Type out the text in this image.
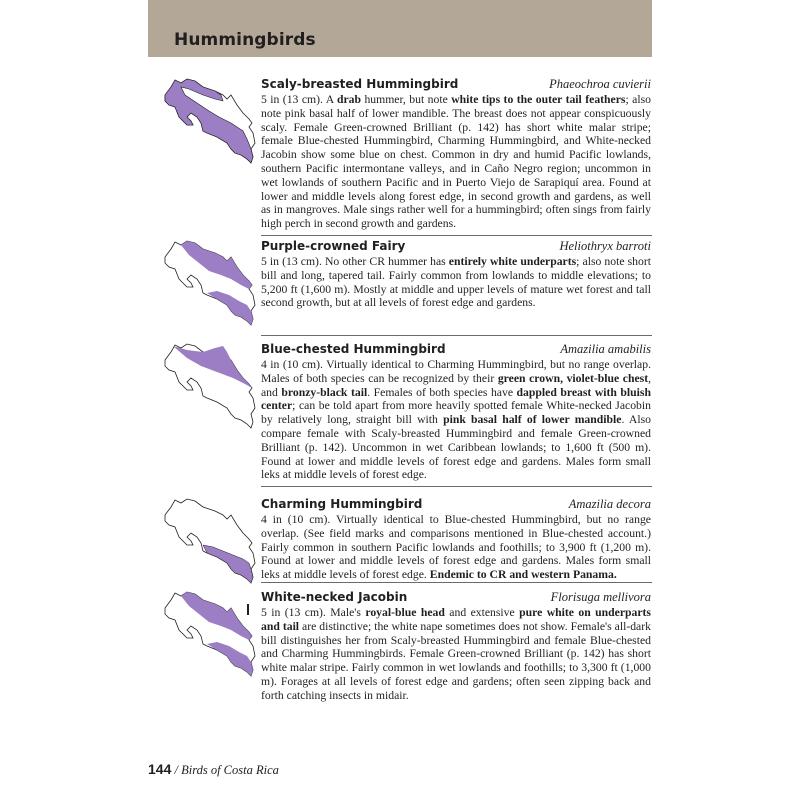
Hummingbirds
Scaly-breasted Hummingbird	Phaeochroa cuvierii
5 in (13 cm). A drab hummer, but note white tips to the outer tail feathers; also note pink basal half of lower mandible. The breast does not appear conspicuously scaly. Female Green-crowned Brilliant (p. 142) has short white malar stripe; female Blue-chested Hummingbird, Charming Hummingbird, and White-necked Jacobin show some blue on chest. Common in dry and humid Pacific lowlands, southern Pacific intermontane valleys, and in Caño Negro region; uncommon in wet lowlands of southern Pacific and in Puerto Viejo de Sarapiquí area. Found at lower and middle levels along forest edge, in second growth and gardens, as well as in mangroves. Male sings rather well for a hummingbird; often sings from fairly high perch in second growth and gardens.
Purple-crowned Fairy	Heliothryx barroti
5 in (13 cm). No other CR hummer has entirely white underparts; also note short bill and long, tapered tail. Fairly common from lowlands to middle elevations; to 5,200 ft (1,600 m). Mostly at middle and upper levels of mature wet forest and tall second growth, but at all levels of forest edge and gardens.
Blue-chested Hummingbird	Amazilia amabilis
4 in (10 cm). Virtually identical to Charming Hummingbird, but no range overlap. Males of both species can be recognized by their green crown, violet-blue chest, and bronzy-black tail. Females of both species have dappled breast with bluish center; can be told apart from more heavily spotted female White-necked Jacobin by relatively long, straight bill with pink basal half of lower mandible. Also compare female with Scaly-breasted Hummingbird and female Green-crowned Brilliant (p. 142). Uncommon in wet Caribbean lowlands; to 1,600 ft (500 m). Found at lower and middle levels of forest edge and gardens. Males form small leks at middle levels of forest edge.
Charming Hummingbird	Amazilia decora
4 in (10 cm). Virtually identical to Blue-chested Hummingbird, but no range overlap. (See field marks and comparisons mentioned in Blue-chested account.) Fairly common in southern Pacific lowlands and foothills; to 3,900 ft (1,200 m). Found at lower and middle levels of forest edge and gardens. Males form small leks at middle levels of forest edge. Endemic to CR and western Panama.
White-necked Jacobin	Florisuga mellivora
5 in (13 cm). Male's royal-blue head and extensive pure white on underparts and tail are distinctive; the white nape sometimes does not show. Female's all-dark bill distinguishes her from Scaly-breasted Hummingbird and female Blue-chested and Charming Hummingbirds. Female Green-crowned Brilliant (p. 142) has short white malar stripe. Fairly common in wet lowlands and foothills; to 3,300 ft (1,000 m). Forages at all levels of forest edge and gardens; often seen zipping back and forth catching insects in midair.
144 / Birds of Costa Rica
